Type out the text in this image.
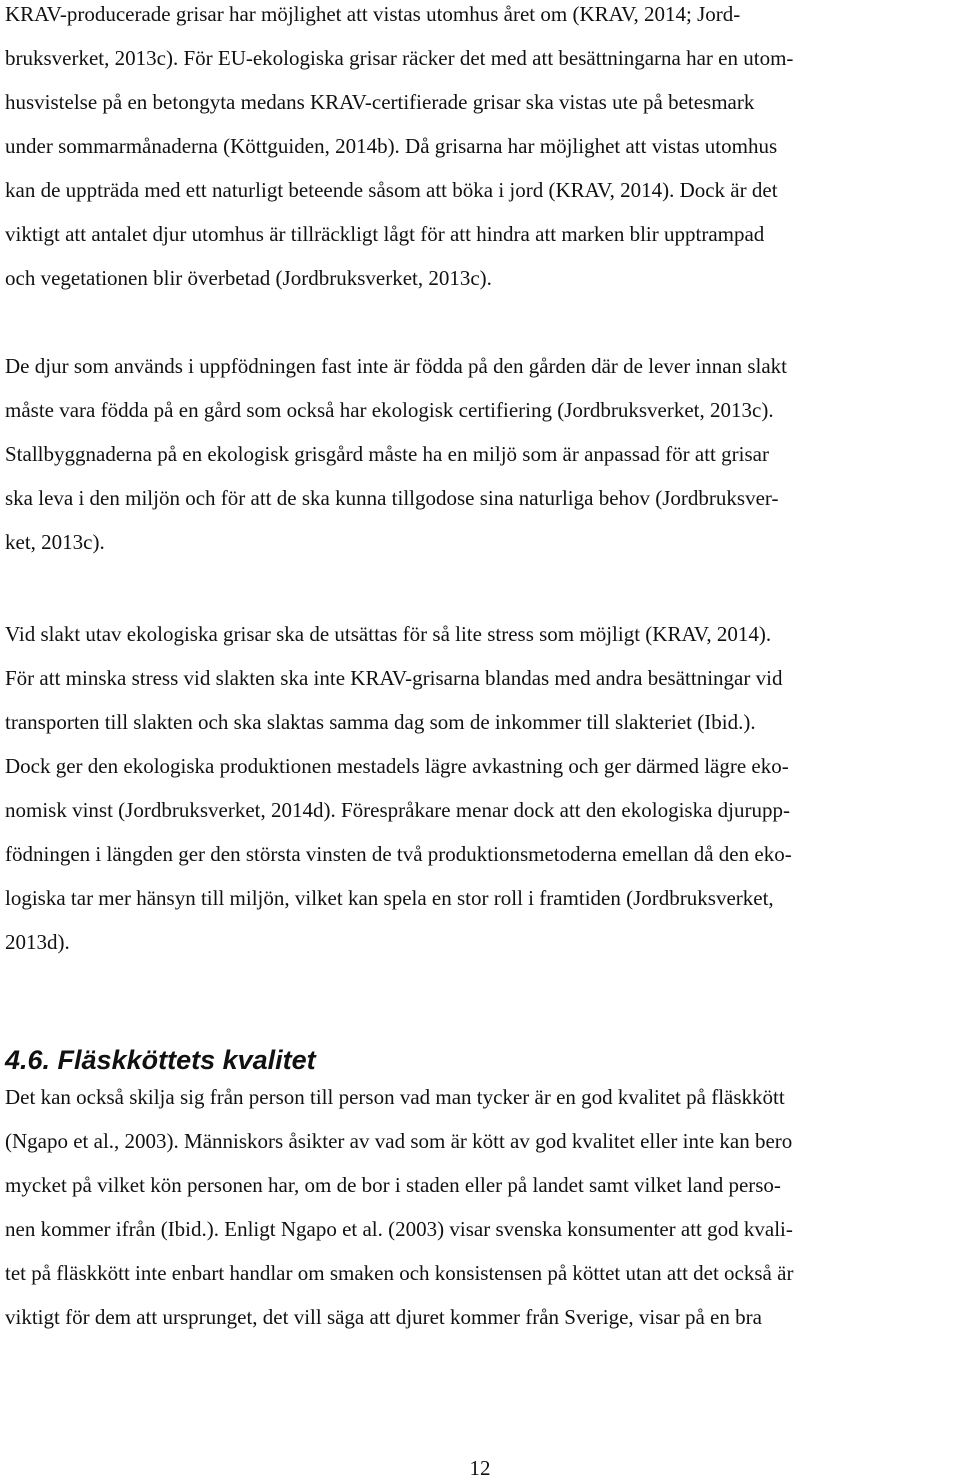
KRAV-producerade grisar har möjlighet att vistas utomhus året om (KRAV, 2014; Jord-
bruksverket, 2013c). För EU-ekologiska grisar räcker det med att besättningarna har en utom-
husvistelse på en betongyta medans KRAV-certifierade grisar ska vistas ute på betesmark
under sommarmånaderna (Köttguiden, 2014b). Då grisarna har möjlighet att vistas utomhus
kan de uppträda med ett naturligt beteende såsom att böka i jord (KRAV, 2014). Dock är det
viktigt att antalet djur utomhus är tillräckligt lågt för att hindra att marken blir upptrampad
och vegetationen blir överbetad (Jordbruksverket, 2013c).
De djur som används i uppfödningen fast inte är födda på den gården där de lever innan slakt
måste vara födda på en gård som också har ekologisk certifiering (Jordbruksverket, 2013c).
Stallbyggnaderna på en ekologisk grisgård måste ha en miljö som är anpassad för att grisar
ska leva i den miljön och för att de ska kunna tillgodose sina naturliga behov (Jordbruksver-
ket, 2013c).
Vid slakt utav ekologiska grisar ska de utsättas för så lite stress som möjligt (KRAV, 2014).
För att minska stress vid slakten ska inte KRAV-grisarna blandas med andra besättningar vid
transporten till slakten och ska slaktas samma dag som de inkommer till slakteriet (Ibid.).
Dock ger den ekologiska produktionen mestadels lägre avkastning och ger därmed lägre eko-
nomisk vinst (Jordbruksverket, 2014d). Förespråkare menar dock att den ekologiska djurupp-
födningen i längden ger den största vinsten de två produktionsmetoderna emellan då den eko-
logiska tar mer hänsyn till miljön, vilket kan spela en stor roll i framtiden (Jordbruksverket,
2013d).
4.6. Fläskköttets kvalitet
Det kan också skilja sig från person till person vad man tycker är en god kvalitet på fläskkött
(Ngapo et al., 2003). Människors åsikter av vad som är kött av god kvalitet eller inte kan bero
mycket på vilket kön personen har, om de bor i staden eller på landet samt vilket land perso-
nen kommer ifrån (Ibid.). Enligt Ngapo et al. (2003) visar svenska konsumenter att god kvali-
tet på fläskkött inte enbart handlar om smaken och konsistensen på köttet utan att det också är
viktigt för dem att ursprunget, det vill säga att djuret kommer från Sverige, visar på en bra
12
